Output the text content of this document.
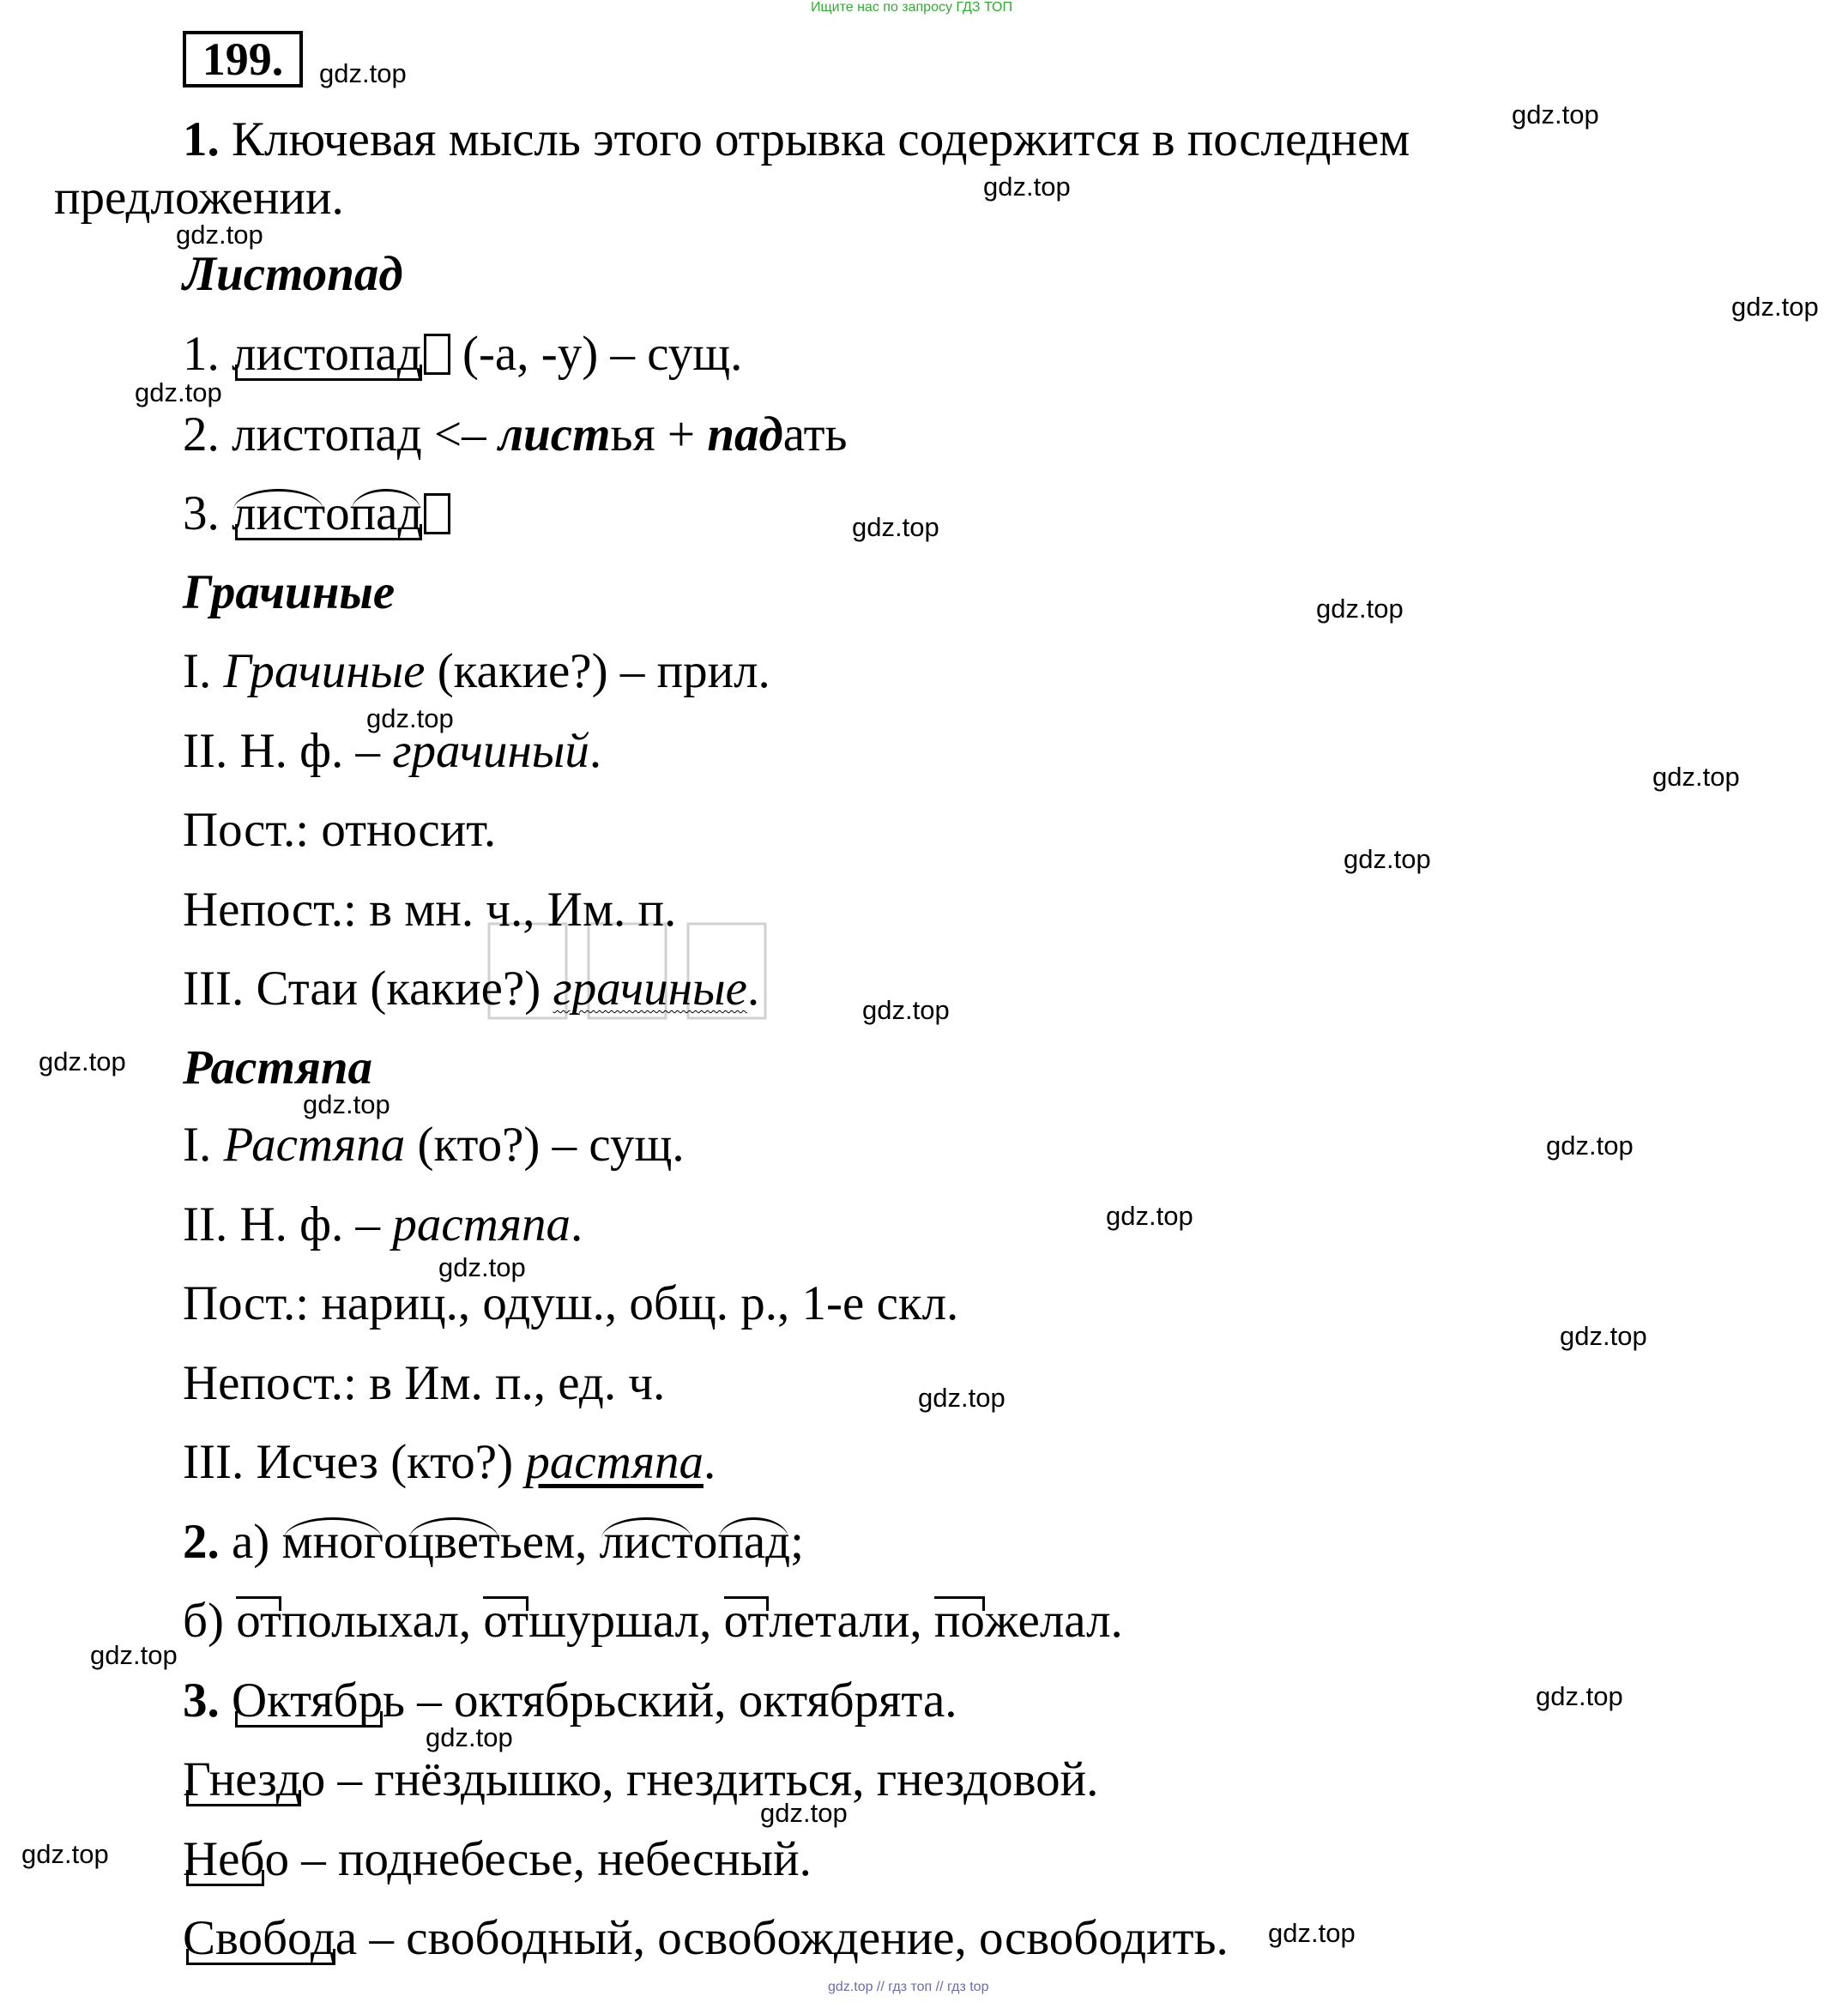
Ищите нас по запросу ГДЗ ТОП
199.	gdz.top
gdz.top
gdz.top
gdz.top
gdz.top
gdz.top
gdz.top
gdz.top
gdz.top
gdz.top
gdz.top
gdz.top
gdz.top
gdz.top
gdz.top
gdz.top
gdz.top
gdz.top
gdz.top
gdz.top
gdz.top
gdz.top
gdz.top
gdz.top
gdz.top
1. Ключевая мысль этого отрывка содержится в последнем
предложении.
Листопад
1. листопад (-а, -у) – сущ.
2. листопад <– листья + падать
3. листопад
Грачиные
I. Грачиные (какие?) – прил.
II. Н. ф. – грачиный.
Пост.: относит.
Непост.: в мн. ч., Им. п.
III. Стаи (какие?) грачиные.
Растяпа
I. Растяпа (кто?) – сущ.
II. Н. ф. – растяпа.
Пост.: нариц., одуш., общ. р., 1-е скл.
Непост.: в Им. п., ед. ч.
III. Исчез (кто?) растяпа.
2. а) многоцветьем, листопад;
б) отполыхал, отшуршал, отлетали, пожелал.
3. Октябрь – октябрьский, октябрята.
Гнездо – гнёздышко, гнездиться, гнездовой.
Небо – поднебесье, небесный.
Свобода – свободный, освобождение, освободить.
gdz.top // гдз топ // гдз top
